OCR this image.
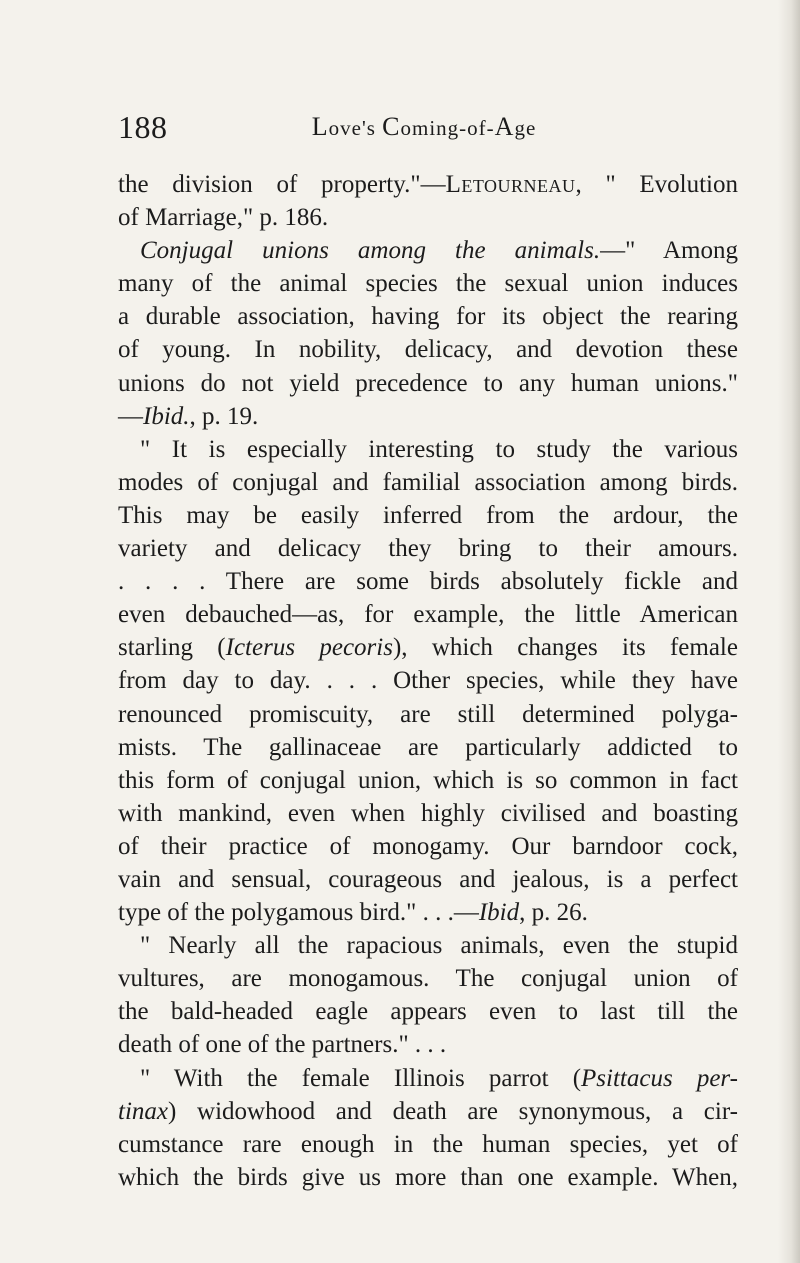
188	Love's Coming-of-Age
the division of property."—Letourneau, " Evolution
of Marriage," p. 186.
Conjugal unions among the animals.—" Among
many of the animal species the sexual union induces
a durable association, having for its object the rearing
of young. In nobility, delicacy, and devotion these
unions do not yield precedence to any human unions."
—Ibid., p. 19.
" It is especially interesting to study the various
modes of conjugal and familial association among birds.
This may be easily inferred from the ardour, the
variety and delicacy they bring to their amours.
. . . . There are some birds absolutely fickle and
even debauched—as, for example, the little American
starling (Icterus pecoris), which changes its female
from day to day. . . . Other species, while they have
renounced promiscuity, are still determined polyga-
mists. The gallinaceae are particularly addicted to
this form of conjugal union, which is so common in fact
with mankind, even when highly civilised and boasting
of their practice of monogamy. Our barndoor cock,
vain and sensual, courageous and jealous, is a perfect
type of the polygamous bird." . . .—Ibid, p. 26.
" Nearly all the rapacious animals, even the stupid
vultures, are monogamous. The conjugal union of
the bald-headed eagle appears even to last till the
death of one of the partners." . . .
" With the female Illinois parrot (Psittacus per-
tinax) widowhood and death are synonymous, a cir-
cumstance rare enough in the human species, yet of
which the birds give us more than one example. When,
